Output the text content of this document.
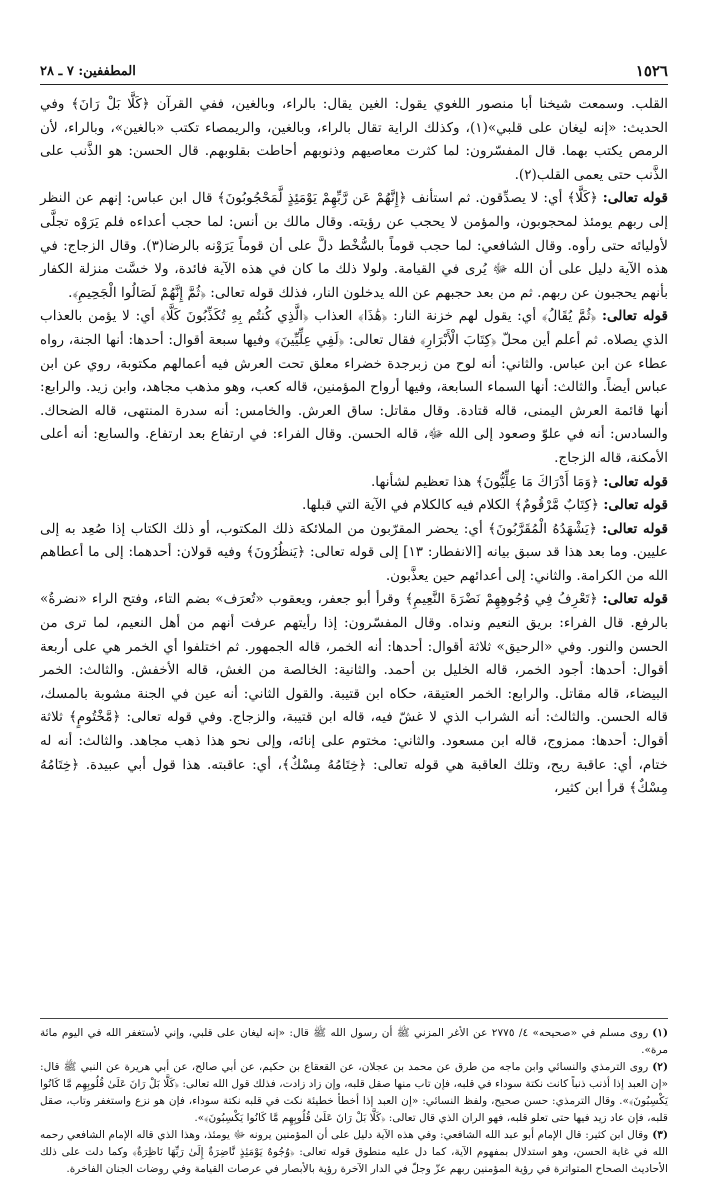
١٥٢٦
المطففين: ٧ ـ ٢٨

القلب. وسمعت شيخنا أبا منصور اللغوي يقول: الغين يقال: بالراء، وبالغين، ففي القرآن ﴿كَلَّا بَلْ رَانَ﴾ وفي الحديث: «إنه ليغان على قلبي»(١)، وكذلك الراية تقال بالراء، وبالغين، والريمصاء تكتب «بالغين»، وبالراء، لأن الرمص يكتب بهما. قال المفسّرون: لما كثرت معاصيهم وذنوبهم أحاطت بقلوبهم. قال الحسن: هو الذَّنب على الذَّنب حتى يعمى القلب(٢).

قوله تعالى: ﴿كَلَّا﴾ أي: لا يصدِّقون. ثم استأنف ﴿إِنَّهُمْ عَن رَّبِّهِمْ يَوْمَئِذٍ لَّمَحْجُوبُونَ﴾ قال ابن عباس: إنهم عن النظر إلى ربهم يومئذ لمحجوبون، والمؤمن لا يحجب عن رؤيته. وقال مالك بن أنس: لما حجب أعداءه فلم يَرَوْه تجلَّى لأوليائه حتى رأوه. وقال الشافعي: لما حجب قوماً بالسُّخْط دلَّ على أن قوماً يَرَوْنه بالرضا(٣). وقال الزجاج: في هذه الآية دليل على أن الله ﷻ يُرى في القيامة. ولولا ذلك ما كان في هذه الآية فائدة، ولا خسَّت منزلة الكفار بأنهم يحجبون عن ربهم. ثم من بعد حجبهم عن الله يدخلون النار، فذلك قوله تعالى: ﴿ثُمَّ إِنَّهُمْ لَصَالُوا الْجَحِيمِ﴾.

قوله تعالى: ﴿ثُمَّ يُقَالُ﴾ أي: يقول لهم خزنة النار: ﴿هَٰذَا﴾ العذاب ﴿الَّذِي كُنتُم بِهِ تُكَذِّبُونَ كَلَّا﴾ أي: لا يؤمن بالعذاب الذي يصلاه. ثم أعلم أين محلّ ﴿كِتَابَ الْأَبْرَارِ﴾ فقال تعالى: ﴿لَفِي عِلِّيِّينَ﴾ وفيها سبعة أقوال: أحدها: أنها الجنة، رواه عطاء عن ابن عباس. والثاني: أنه لوح من زبرجدة خضراء معلق تحت العرش فيه أعمالهم مكتوبة، روي عن ابن عباس أيضاً. والثالث: أنها السماء السابعة، وفيها أرواح المؤمنين، قاله كعب، وهو مذهب مجاهد، وابن زيد. والرابع: أنها قائمة العرش اليمنى، قاله قتادة. وقال مقاتل: ساق العرش. والخامس: أنه سدرة المنتهى، قاله الضحاك. والسادس: أنه في علوّ وصعود إلى الله ﷻ، قاله الحسن. وقال الفراء: في ارتفاع بعد ارتفاع. والسابع: أنه أعلى الأمكنة، قاله الزجاج.

قوله تعالى: ﴿وَمَا أَدْرَاكَ مَا عِلِّيُّونَ﴾ هذا تعظيم لشأنها.

قوله تعالى: ﴿كِتَابٌ مَّرْقُومٌ﴾ الكلام فيه كالكلام في الآية التي قبلها.

قوله تعالى: ﴿يَشْهَدُهُ الْمُقَرَّبُونَ﴾ أي: يحضر المقرّبون من الملائكة ذلك المكتوب، أو ذلك الكتاب إذا صُعِد به إلى عليين. وما بعد هذا قد سبق بيانه [الانفطار: ١٣] إلى قوله تعالى: ﴿يَنظُرُونَ﴾ وفيه قولان: أحدهما: إلى ما أعطاهم الله من الكرامة. والثاني: إلى أعدائهم حين يعذَّبون.

قوله تعالى: ﴿تَعْرِفُ فِي وُجُوهِهِمْ نَضْرَةَ النَّعِيمِ﴾ وقرأ أبو جعفر، ويعقوب «تُعرَف» بضم التاء، وفتح الراء «نضرةُ» بالرفع. قال الفراء: بريق النعيم ونداه. وقال المفسّرون: إذا رأيتهم عرفت أنهم من أهل النعيم، لما ترى من الحسن والنور. وفي «الرحيق» ثلاثة أقوال: أحدها: أنه الخمر، قاله الجمهور. ثم اختلفوا أي الخمر هي على أربعة أقوال: أحدها: أجود الخمر، قاله الخليل بن أحمد. والثانية: الخالصة من الغش، قاله الأخفش. والثالث: الخمر البيضاء، قاله مقاتل. والرابع: الخمر العتيقة، حكاه ابن قتيبة. والقول الثاني: أنه عين في الجنة مشوبة بالمسك، قاله الحسن. والثالث: أنه الشراب الذي لا غشّ فيه، قاله ابن قتيبة، والزجاج. وفي قوله تعالى: ﴿مَّخْتُومٍ﴾ ثلاثة أقوال: أحدها: ممزوج، قاله ابن مسعود. والثاني: مختوم على إنائه، وإلى نحو هذا ذهب مجاهد. والثالث: أنه له ختام، أي: عاقبة ريح، وتلك العاقبة هي قوله تعالى: ﴿خِتَامُهُ مِسْكٌ﴾، أي: عاقبته. هذا قول أبي عبيدة. ﴿خِتَامُهُ مِسْكٌ﴾ قرأ ابن كثير،

(١)روى مسلم في «صحيحه» ٤/ ٢٧٧٥ عن الأغر المزني ﷺ أن رسول الله ﷺ قال: «إنه ليغان على قلبي، وإني لأستغفر الله في اليوم مائة مرة».

(٢)روى الترمذي والنسائي وابن ماجه من طرق عن محمد بن عجلان، عن القعقاع بن حكيم، عن أبي صالح، عن أبي هريرة عن النبي ﷺ قال: «إن العبد إذا أذنب ذنباً كانت نكتة سوداء في قلبه، فإن تاب منها صقل قلبه، وإن زاد زادت، فذلك قول الله تعالى: ﴿كَلَّا بَلْ رَانَ عَلَىٰ قُلُوبِهِم مَّا كَانُوا يَكْسِبُونَ﴾». وقال الترمذي: حسن صحيح، ولفظ النسائي: «إن العبد إذا أخطأ خطيئة نكت في قلبه نكتة سوداء، فإن هو نزع واستغفر وتاب، صقل قلبه، فإن عاد زيد فيها حتى تعلو قلبه، فهو الران الذي قال تعالى: ﴿كَلَّا بَلْ رَانَ عَلَىٰ قُلُوبِهِم مَّا كَانُوا يَكْسِبُونَ﴾».

(٣)وقال ابن كثير: قال الإمام أبو عبد الله الشافعي: وفي هذه الآية دليل على أن المؤمنين يرونه ﷻ يومئذ، وهذا الذي قاله الإمام الشافعي رحمه الله في غاية الحسن، وهو استدلال بمفهوم الآية، كما دل عليه منطوق قوله تعالى: ﴿وُجُوهٌ يَوْمَئِذٍ نَّاضِرَةٌ إِلَىٰ رَبِّهَا نَاظِرَةٌ﴾ وكما دلت على ذلك الأحاديث الصحاح المتواترة في رؤية المؤمنين ربهم عزّ وجلّ في الدار الآخرة رؤية بالأبصار في عرصات القيامة وفي روضات الجنان الفاخرة.
